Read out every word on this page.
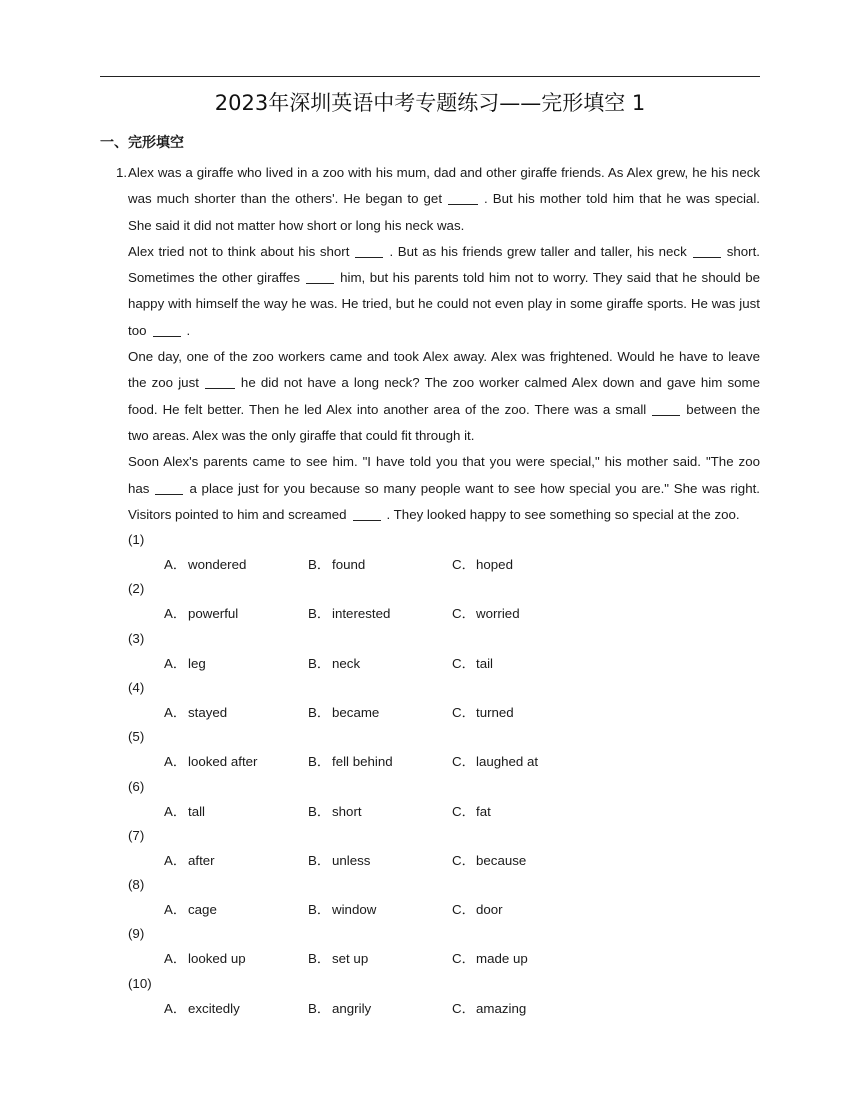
2023年深圳英语中考专题练习——完形填空 1
一、完形填空
1. Alex was a giraffe who lived in a zoo with his mum, dad and other giraffe friends. As Alex grew, he his neck was much shorter than the others'. He began to get	. But his mother told him that he was special. She said it did not matter how short or long his neck was.

Alex tried not to think about his short	. But as his friends grew taller and taller, his neck	short. Sometimes the other giraffes	him, but his parents told him not to worry. They said that he should be happy with himself the way he was. He tried, but he could not even play in some giraffe sports. He was just too	.

One day, one of the zoo workers came and took Alex away. Alex was frightened. Would he have to leave the zoo just	he did not have a long neck? The zoo worker calmed Alex down and gave him some food. He felt better. Then he led Alex into another area of the zoo. There was a small	between the two areas. Alex was the only giraffe that could fit through it.

Soon Alex's parents came to see him. "I have told you that you were special," his mother said. "The zoo has	a place just for you because so many people want to see how special you are." She was right. Visitors pointed to him and screamed	. They looked happy to see something so special at the zoo.

(1)
A． wondered	B． found	C．hoped
(2)
A． powerful	B． interested	C．worried
(3)
A． leg	B． neck	C．tail
(4)
A． stayed	B． became	C．turned
(5)
A． looked after	B． fell behind	C．laughed at
(6)
A． tall	B． short	C．fat
(7)
A． after	B． unless	C．because
(8)
A． cage	B． window	C．door
(9)
A． looked up	B． set up	C．made up
(10)
A． excitedly	B． angrily	C．amazing
